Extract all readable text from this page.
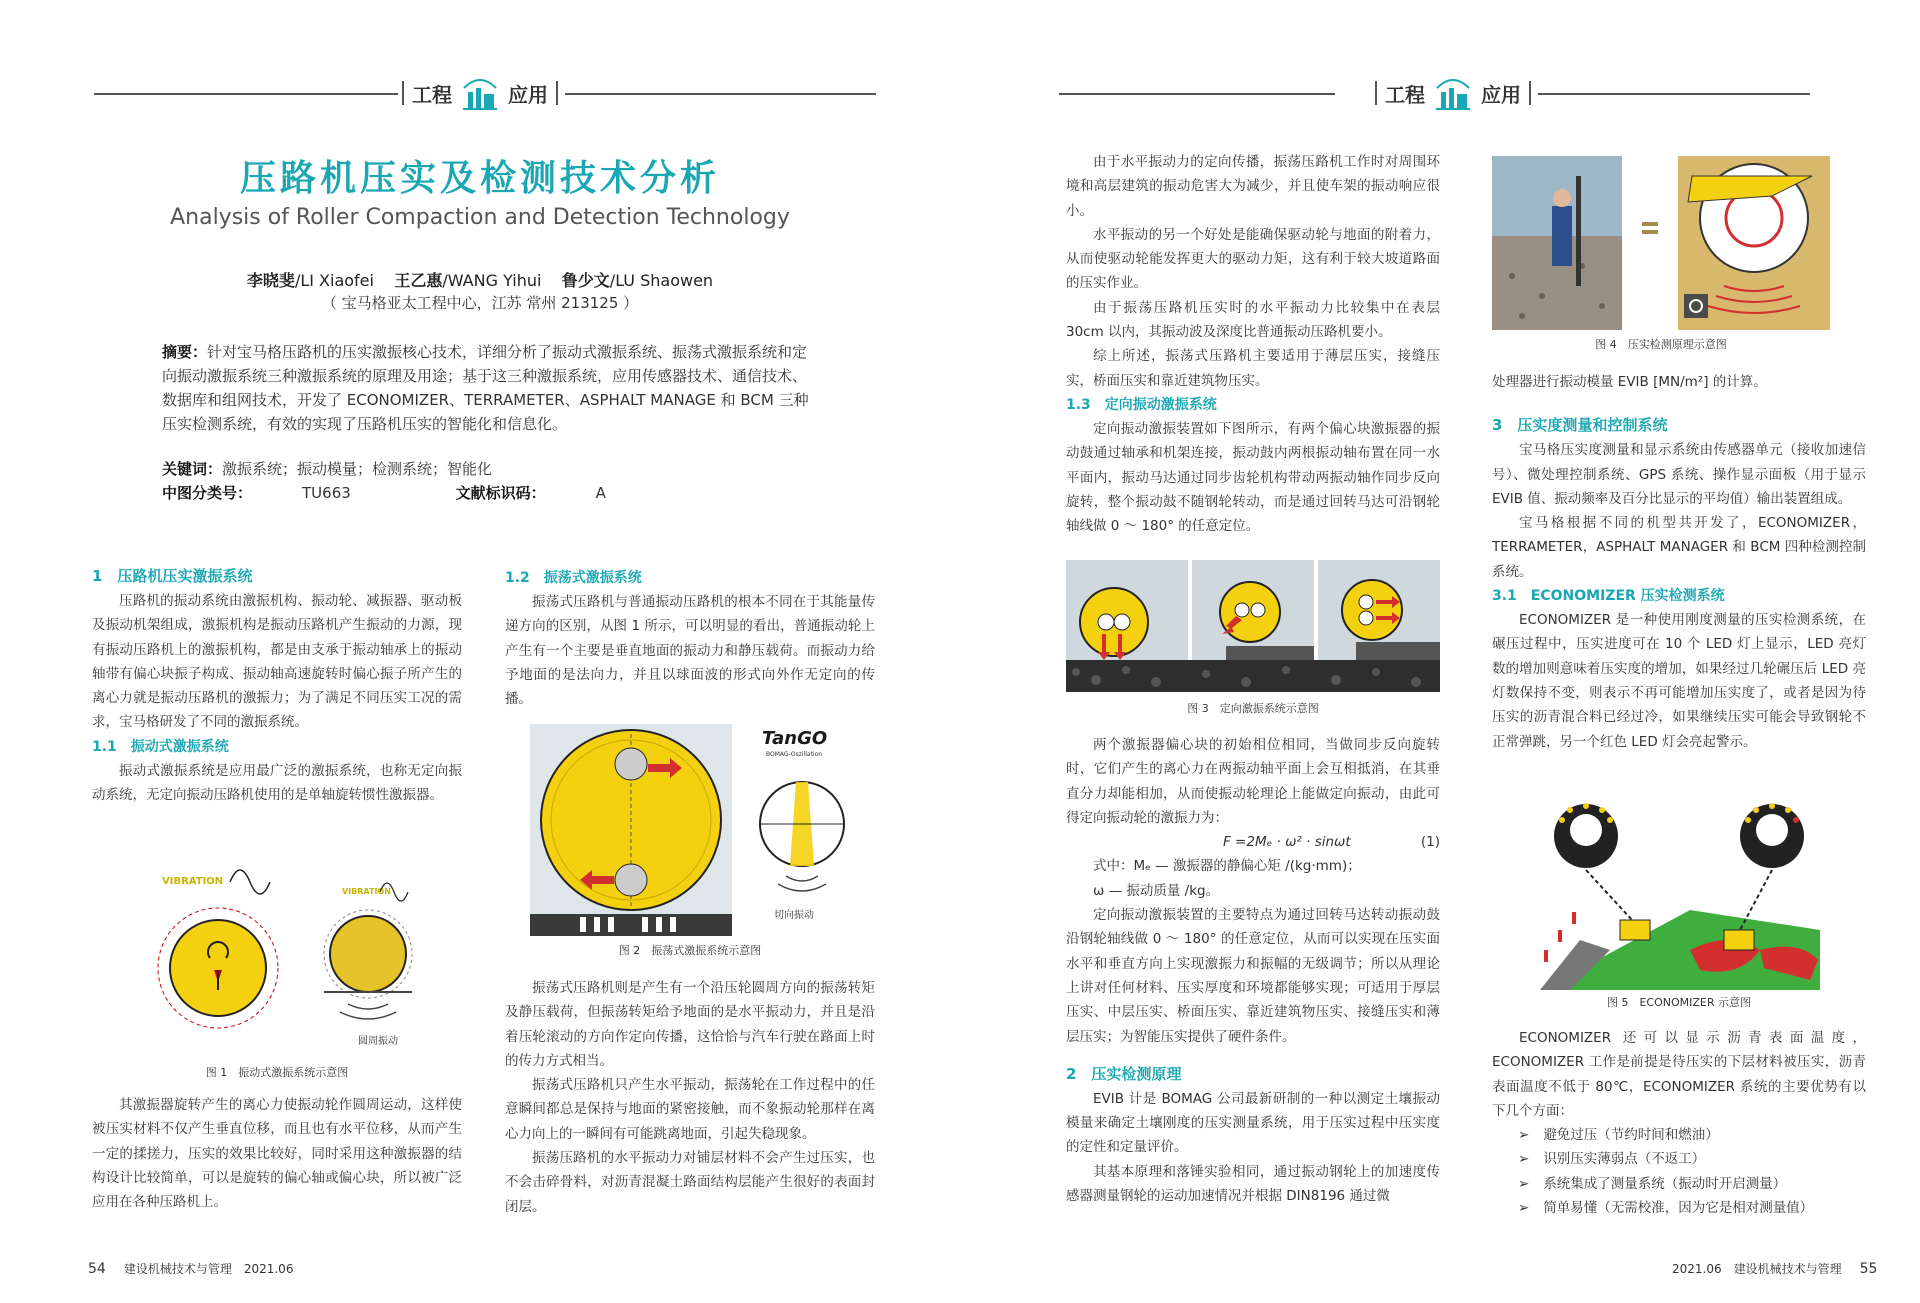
工程	应用
压路机压实及检测技术分析
Analysis of Roller Compaction and Detection Technology
李晓斐/LI Xiaofei 王乙惠/WANG Yihui 鲁少文/LU Shaowen
（ 宝马格亚太工程中心，江苏 常州 213125 ）
摘要：针对宝马格压路机的压实激振核心技术，详细分析了振动式激振系统、振荡式激振系统和定向振动激振系统三种激振系统的原理及用途；基于这三种激振系统，应用传感器技术、通信技术、数据库和组网技术，开发了 ECONOMIZER、TERRAMETER、ASPHALT MANAGE 和 BCM 三种压实检测系统，有效的实现了压路机压实的智能化和信息化。
关键词：激振系统；振动模量；检测系统；智能化
中图分类号：	TU663	文献标识码：	A
1　压路机压实激振系统

压路机的振动系统由激振机构、振动轮、减振器、驱动板及振动机架组成，激振机构是振动压路机产生振动的力源，现有振动压路机上的激振机构，都是由支承于振动轴承上的振动轴带有偏心块振子构成、振动轴高速旋转时偏心振子所产生的离心力就是振动压路机的激振力；为了满足不同压实工况的需求，宝马格研发了不同的激振系统。

1.1　振动式激振系统

振动式激振系统是应用最广泛的激振系统，也称无定向振动系统，无定向振动压路机使用的是单轴旋转惯性激振器。

VIBRATION
VIBRATION
圆周振动
图 1　振动式激振系统示意图

其激振器旋转产生的离心力使振动轮作圆周运动，这样使被压实材料不仅产生垂直位移，而且也有水平位移，从而产生一定的揉搓力，压实的效果比较好，同时采用这种激振器的结构设计比较简单，可以是旋转的偏心轴或偏心块，所以被广泛应用在各种压路机上。

1.2　振荡式激振系统

振荡式压路机与普通振动压路机的根本不同在于其能量传递方向的区别，从图 1 所示，可以明显的看出，普通振动轮上产生有一个主要是垂直地面的振动力和静压载荷。而振动力给予地面的是法向力，并且以球面波的形式向外作无定向的传播。

TanGO
BOMAG-Oszillation
切向振动
图 2　振荡式激振系统示意图

振荡式压路机则是产生有一个沿压轮圆周方向的振荡转矩及静压载荷，但振荡转矩给予地面的是水平振动力，并且是沿着压轮滚动的方向作定向传播，这恰恰与汽车行驶在路面上时的传力方式相当。

振荡式压路机只产生水平振动，振荡轮在工作过程中的任意瞬间都总是保持与地面的紧密接触，而不象振动轮那样在离心力向上的一瞬间有可能跳离地面，引起失稳现象。

振荡压路机的水平振动力对铺层材料不会产生过压实，也不会击碎骨料，对沥青混凝土路面结构层能产生很好的表面封闭层。

54 建设机械技术与管理　2021.06
工程	应用

由于水平振动力的定向传播，振荡压路机工作时对周围环境和高层建筑的振动危害大为减少，并且使车架的振动响应很小。

水平振动的另一个好处是能确保驱动轮与地面的附着力，从而使驱动轮能发挥更大的驱动力矩，这有利于较大坡道路面的压实作业。

由于振荡压路机压实时的水平振动力比较集中在表层 30cm 以内，其振动波及深度比普通振动压路机要小。

综上所述，振荡式压路机主要适用于薄层压实，接缝压实，桥面压实和靠近建筑物压实。

1.3　定向振动激振系统

定向振动激振装置如下图所示，有两个偏心块激振器的振动鼓通过轴承和机架连接，振动鼓内两根振动轴布置在同一水平面内，振动马达通过同步齿轮机构带动两振动轴作同步反向旋转，整个振动鼓不随钢轮转动，而是通过回转马达可沿钢轮轴线做 0 ～ 180° 的任意定位。

图 3　定向激振系统示意图

两个激振器偏心块的初始相位相同，当做同步反向旋转时，它们产生的离心力在两振动轴平面上会互相抵消，在其垂直分力却能相加，从而使振动轮理论上能做定向振动，由此可得定向振动轮的激振力为：

F =2Mₑ · ω² · sinωt	(1)

式中：Mₑ — 激振器的静偏心矩 /(kg·mm)；

ω — 振动质量 /kg。

定向振动激振装置的主要特点为通过回转马达转动振动鼓沿钢轮轴线做 0 ～ 180° 的任意定位，从而可以实现在压实面水平和垂直方向上实现激振力和振幅的无级调节；所以从理论上讲对任何材料、压实厚度和环境都能够实现；可适用于厚层压实、中层压实、桥面压实、靠近建筑物压实、接缝压实和薄层压实；为智能压实提供了硬件条件。

2　压实检测原理

EVIB 计是 BOMAG 公司最新研制的一种以测定土壤振动模量来确定土壤刚度的压实测量系统，用于压实过程中压实度的定性和定量评价。

其基本原理和落锤实验相同，通过振动钢轮上的加速度传感器测量钢轮的运动加速情况并根据 DIN8196 通过微

图 4　压实检测原理示意图

处理器进行振动模量 EVIB [MN/m²] 的计算。

3　压实度测量和控制系统

宝马格压实度测量和显示系统由传感器单元（接收加速信号）、微处理控制系统、GPS 系统、操作显示面板（用于显示 EVIB 值、振动频率及百分比显示的平均值）输出装置组成。

宝马格根据不同的机型共开发了，ECONOMIZER，TERRAMETER，ASPHALT MANAGER 和 BCM 四种检测控制系统。

3.1　ECONOMIZER 压实检测系统

ECONOMIZER 是一种使用刚度测量的压实检测系统，在碾压过程中，压实进度可在 10 个 LED 灯上显示，LED 亮灯数的增加则意味着压实度的增加，如果经过几轮碾压后 LED 亮灯数保持不变，则表示不再可能增加压实度了，或者是因为待压实的沥青混合料已经过冷，如果继续压实可能会导致钢轮不正常弹跳，另一个红色 LED 灯会亮起警示。

图 5　ECONOMIZER 示意图

ECONOMIZER 还可以显示沥青表面温度，ECONOMIZER 工作是前提是待压实的下层材料被压实，沥青表面温度不低于 80℃，ECONOMIZER 系统的主要优势有以下几个方面：

➢ 避免过压（节约时间和燃油）
➢ 识别压实薄弱点（不返工）
➢ 系统集成了测量系统（振动时开启测量）
➢ 简单易懂（无需校准，因为它是相对测量值）
2021.06　建设机械技术与管理 55
